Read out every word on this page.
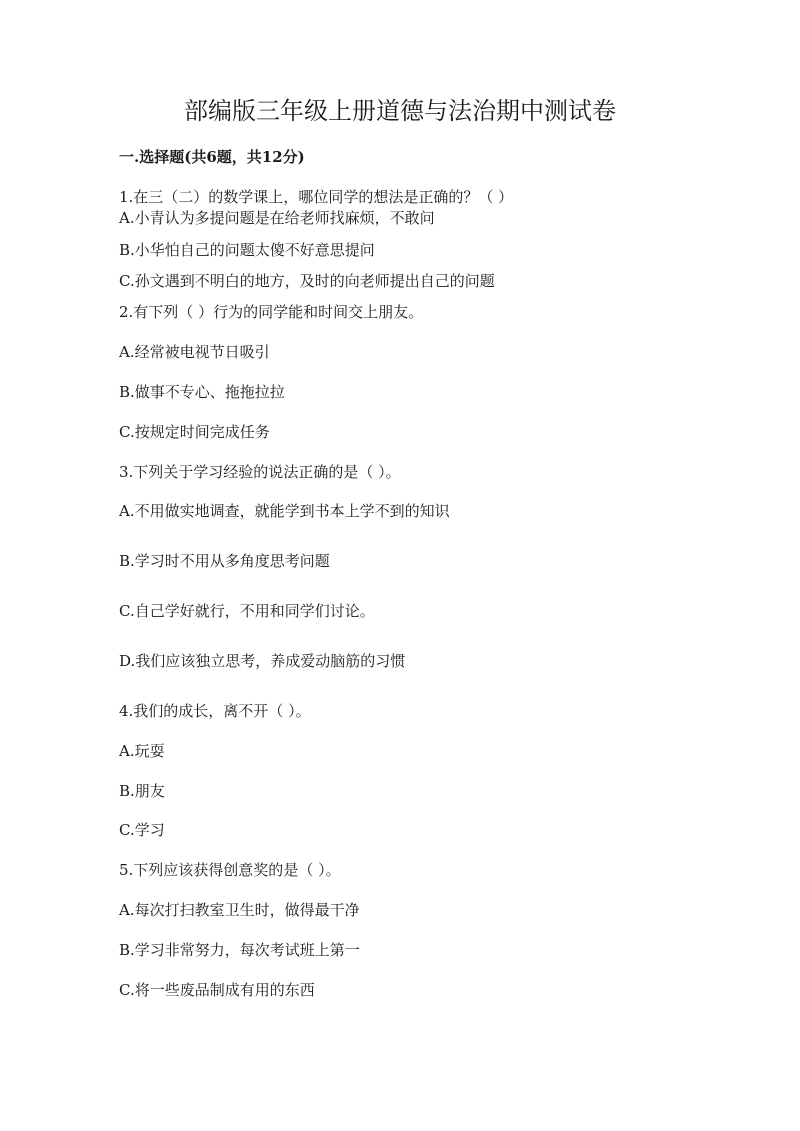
部编版三年级上册道德与法治期中测试卷
一.选择题(共6题，共12分)
1.在三（二）的数学课上，哪位同学的想法是正确的？（ ）
A.小青认为多提问题是在给老师找麻烦，不敢问
B.小华怕自己的问题太傻不好意思提问
C.孙文遇到不明白的地方，及时的向老师提出自己的问题
2.有下列（ ）行为的同学能和时间交上朋友。
A.经常被电视节日吸引
B.做事不专心、拖拖拉拉
C.按规定时间完成任务
3.下列关于学习经验的说法正确的是（ ）。
A.不用做实地调查，就能学到书本上学不到的知识
B.学习时不用从多角度思考问题
C.自己学好就行，不用和同学们讨论。
D.我们应该独立思考，养成爱动脑筋的习惯
4.我们的成长，离不开（ ）。
A.玩耍
B.朋友
C.学习
5.下列应该获得创意奖的是（ ）。
A.每次打扫教室卫生时，做得最干净
B.学习非常努力，每次考试班上第一
C.将一些废品制成有用的东西
